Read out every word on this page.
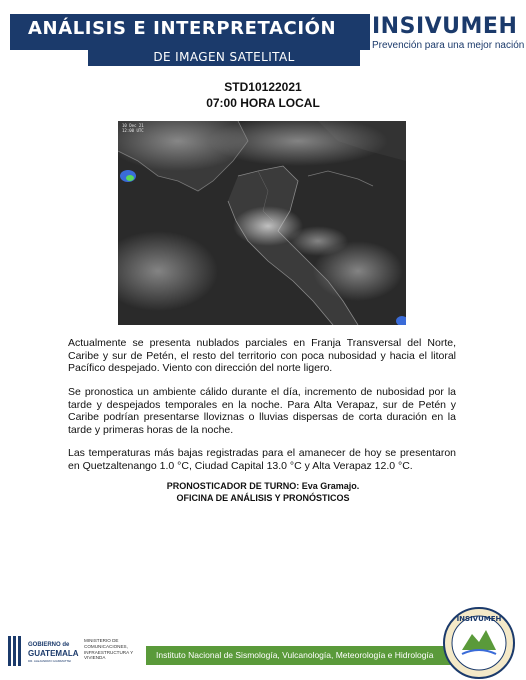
ANÁLISIS E INTERPRETACIÓN
DE IMAGEN SATELITAL
INSIVUMEH
Prevención para una mejor nación
STD10122021
07:00 HORA LOCAL
10 Dec 21
12:00 UTC

Actualmente se presenta nublados parciales en Franja Transversal del Norte, Caribe y sur de Petén, el resto del territorio con poca nubosidad y hacia el litoral Pacífico despejado. Viento con dirección del norte ligero.

Se pronostica un ambiente cálido durante el día, incremento de nubosidad por la tarde y despejados temporales en la noche. Para Alta Verapaz, sur de Petén y Caribe podrían presentarse lloviznas o lluvias dispersas de corta duración en la tarde y primeras horas de la noche.

Las temperaturas más bajas registradas para el amanecer de hoy se presentaron en Quetzaltenango 1.0 °C, Ciudad Capital 13.0 °C y Alta Verapaz 12.0 °C.

PRONOSTICADOR DE TURNO: Eva Gramajo.
OFICINA DE ANÁLISIS Y PRONÓSTICOS
GOBIERNO de
GUATEMALA
DR. ALEJANDRO GIAMMATTEI
MINISTERIO DE COMUNICACIONES, INFRAESTRUCTURA Y VIVIENDA	Instituto Nacional de Sismología, Vulcanología, Meteorología e Hidrología
INSIVUMEH
